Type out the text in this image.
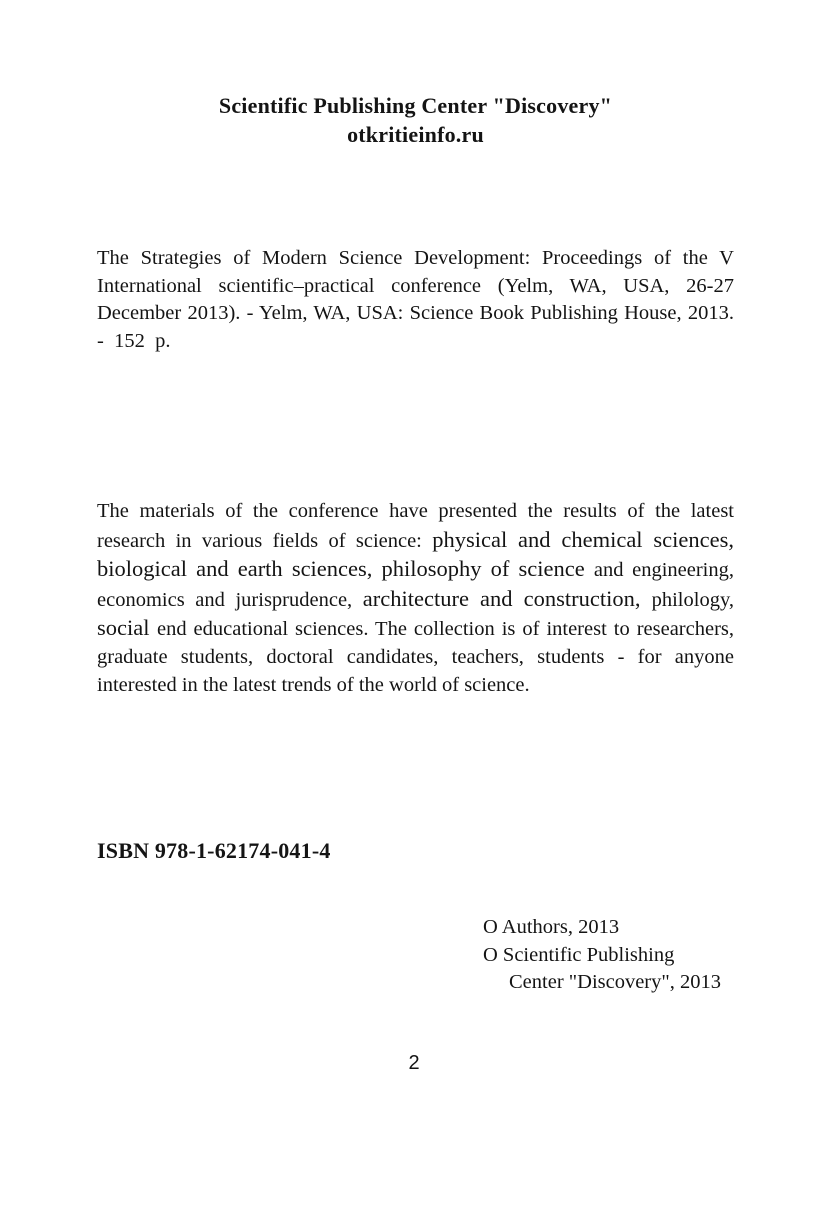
Scientific Publishing Center "Discovery"
otkritieinfo.ru

The Strategies of Modern Science Development: Proceedings of the V International scientific–practical conference (Yelm, WA, USA, 26-27 December 2013). - Yelm, WA, USA: Science Book Publishing House, 2013. -  152  p.

The materials of the conference have presented the results of the latest research in various fields of science: physical and chemical sciences, biological and earth sciences, philosophy of science and engineering, economics and jurisprudence, architecture and construction, philology, social end educational sciences. The collection is of interest to researchers, graduate students, doctoral candidates, teachers, students - for anyone interested in the latest trends of the world of science.

ISBN 978-1-62174-041-4

O Authors, 2013
O Scientific Publishing
Center "Discovery", 2013
2
